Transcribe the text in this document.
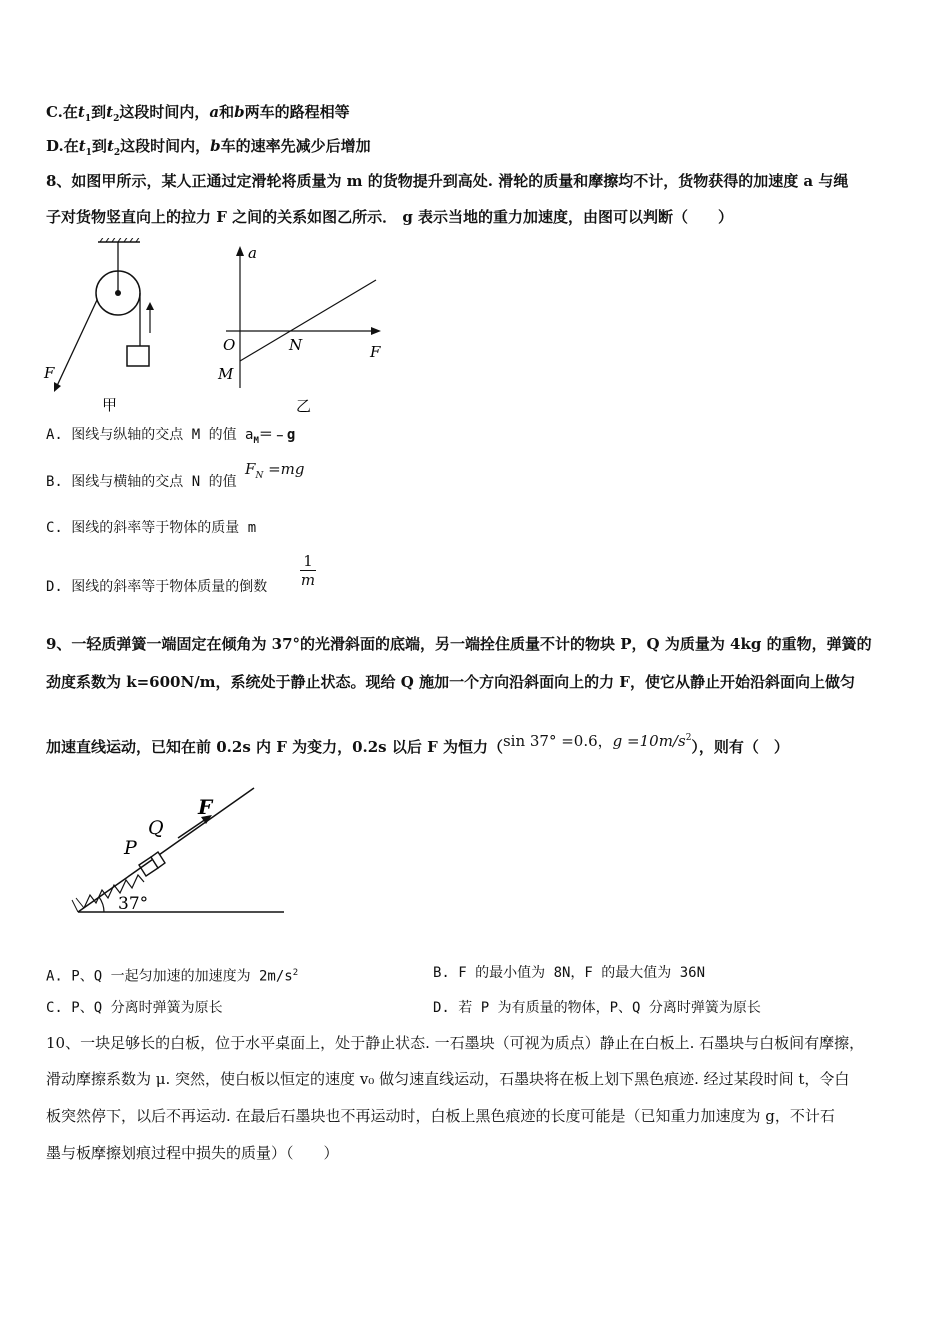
C.在$t_1$到$t_2$这段时间内，a和b两车的路程相等
D.在$t_1$到$t_2$这段时间内，b车的速率先减少后增加
8、如图甲所示，某人正通过定滑轮将质量为 m 的货物提升到高处. 滑轮的质量和摩擦均不计，货物获得的加速度 a 与绳
子对货物竖直向上的拉力 F 之间的关系如图乙所示． g 表示当地的重力加速度，由图可以判断（　　）
F
甲
a
F
O	N
M
乙
A. 图线与纵轴的交点 M 的值 $a_M=﹣g$
B. 图线与横轴的交点 N 的值 $F_N =mg$
C. 图线的斜率等于物体的质量 m
D. 图线的斜率等于物体质量的倒数
1
m
9、一轻质弹簧一端固定在倾角为 37°的光滑斜面的底端，另一端拴住质量不计的物块 P，Q 为质量为 4kg 的重物，弹簧的
劲度系数为 k=600N/m，系统处于静止状态。现给 Q 施加一个方向沿斜面向上的力 F，使它从静止开始沿斜面向上做匀
加速直线运动，已知在前 0.2s 内 F 为变力，0.2s 以后 F 为恒力（sin 37° =0.6，$g =10m/s^2$），则有（　）
P
Q
F
37°
A. P、Q 一起匀加速的加速度为 $2m/s^2$	B. F 的最小值为 8N，F 的最大值为 36N
C. P、Q 分离时弹簧为原长	D. 若 P 为有质量的物体，P、Q 分离时弹簧为原长
10、一块足够长的白板，位于水平桌面上，处于静止状态. 一石墨块（可视为质点）静止在白板上. 石墨块与白板间有摩擦，
滑动摩擦系数为 μ. 突然，使白板以恒定的速度 v₀ 做匀速直线运动，石墨块将在板上划下黑色痕迹. 经过某段时间 t，令白
板突然停下，以后不再运动. 在最后石墨块也不再运动时，白板上黑色痕迹的长度可能是（已知重力加速度为 g，不计石
墨与板摩擦划痕过程中损失的质量）（　　）
